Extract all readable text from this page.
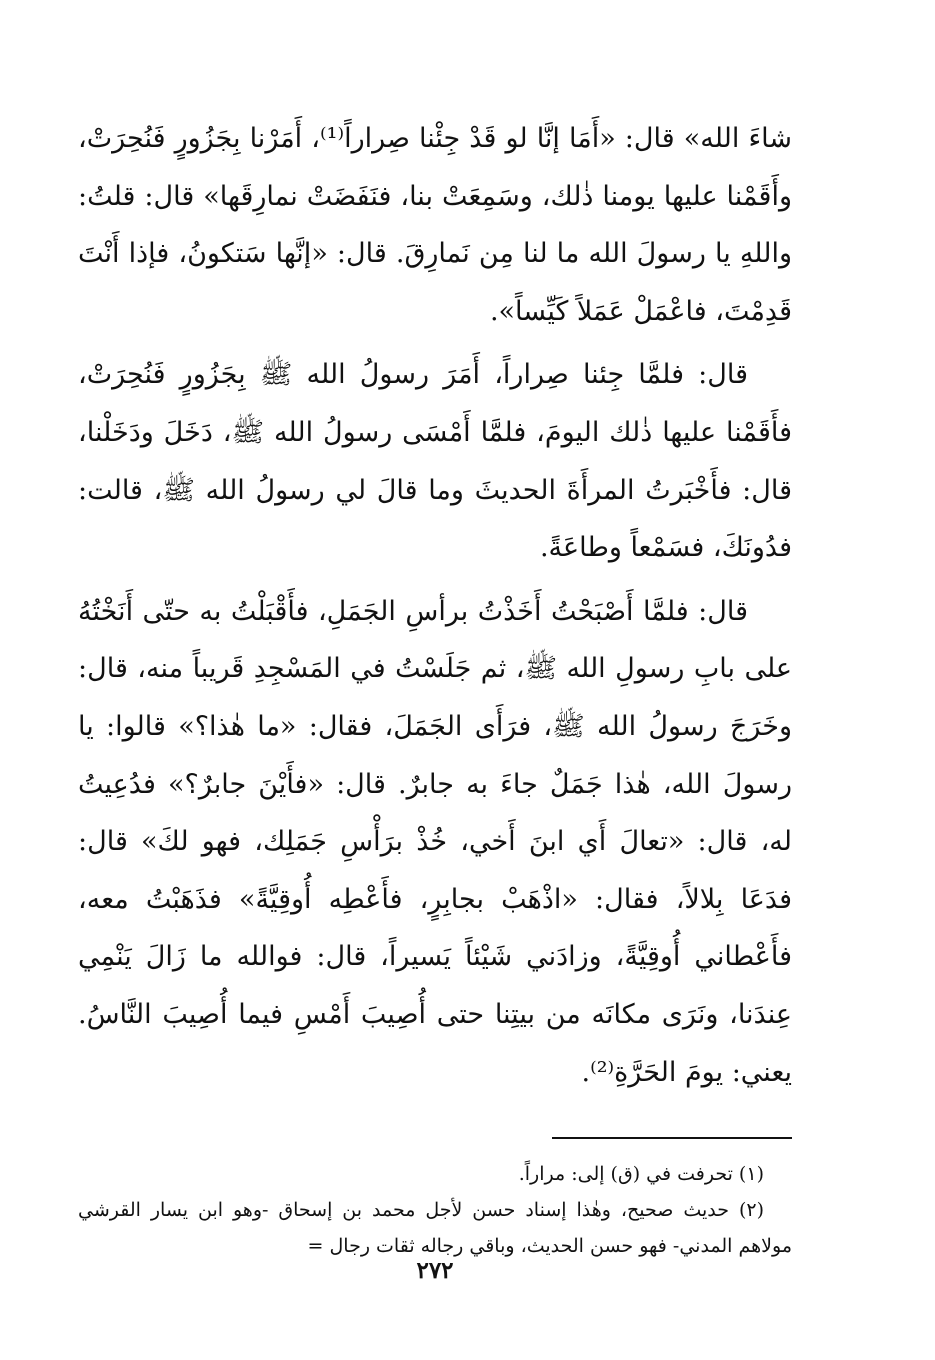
شاءَ الله» قال: «أَمَا إنَّا لو قَدْ جِئْنا صِراراً⁽¹⁾، أَمَرْنا بِجَزُورٍ فَنُحِرَتْ، وأَقَمْنا عليها يومنا ذٰلك، وسَمِعَتْ بنا، فنَفَضَتْ نمارِقَها» قال: قلتُ: واللهِ يا رسولَ الله ما لنا مِن نَمارِقَ. قال: «إنَّها سَتكونُ، فإذا أَنْتَ قَدِمْتَ، فاعْمَلْ عَمَلاً كَيِّساً».

قال: فلمَّا جِئنا صِراراً، أَمَرَ رسولُ الله ﷺ بِجَزُورٍ فَنُحِرَتْ، فأَقَمْنا عليها ذٰلك اليومَ، فلمَّا أَمْسَى رسولُ الله ﷺ، دَخَلَ ودَخَلْنا، قال: فأَخْبَرتُ المرأَةَ الحديثَ وما قالَ لي رسولُ الله ﷺ، قالت: فدُونَكَ، فسَمْعاً وطاعَةً.

قال: فلمَّا أَصْبَحْتُ أَخَذْتُ برأسِ الجَمَلِ، فأَقْبَلْتُ به حتّى أَنَخْتُهُ على بابِ رسولِ الله ﷺ، ثم جَلَسْتُ في المَسْجِدِ قَريباً منه، قال: وخَرَجَ رسولُ الله ﷺ، فرَأَى الجَمَلَ، فقال: «ما هٰذا؟» قالوا: يا رسولَ الله، هٰذا جَمَلٌ جاءَ به جابرٌ. قال: «فأَيْنَ جابرٌ؟» فدُعِيتُ له، قال: «تعالَ أَي ابنَ أَخي، خُذْ برَأْسِ جَمَلِك، فهو لكَ» قال: فدَعَا بِلالاً، فقال: «اذْهَبْ بجابِرٍ، فأَعْطِه أُوقِيَّةً» فذَهَبْتُ معه، فأَعْطاني أُوقِيَّةً، وزادَني شَيْئاً يَسيراً، قال: فوالله ما زَالَ يَنْمِي عِندَنا، ونَرَى مكانَه من بيتِنا حتى أُصِيبَ أَمْسِ فيما أُصِيبَ النَّاسُ. يعني: يومَ الحَرَّةِ⁽²⁾.

(١) تحرفت في (ق) إلى: مراراً.

(٢) حديث صحيح، وهٰذا إسناد حسن لأجل محمد بن إسحاق -وهو ابن يسار القرشي مولاهم المدني- فهو حسن الحديث، وباقي رجاله ثقات رجال =

٢٧٢
